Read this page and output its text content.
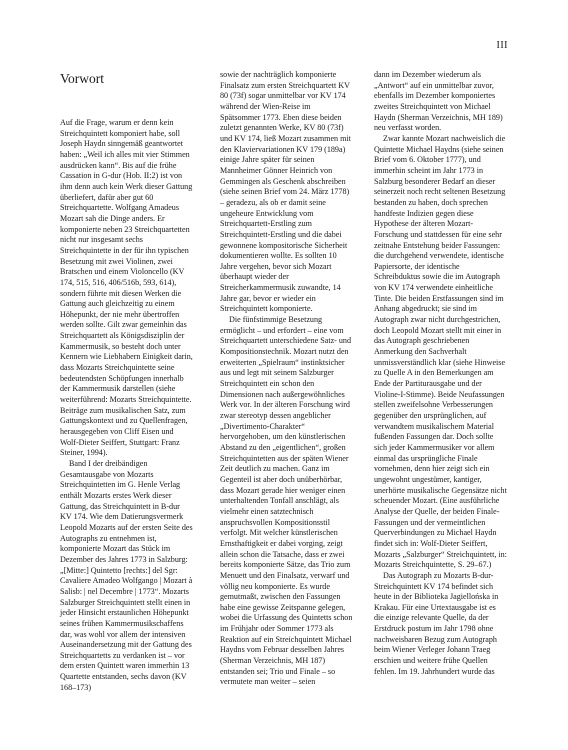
III
Vorwort

Auf die Frage, warum er denn kein Streichquintett komponiert habe, soll Joseph Haydn sinngemäß geantwortet haben: „Weil ich alles mit vier Stimmen ausdrücken kann“. Bis auf die frühe Cassation in G-dur (Hob. II:2) ist von ihm denn auch kein Werk dieser Gattung überliefert, dafür aber gut 60 Streichquartette. Wolfgang Amadeus Mozart sah die Dinge anders. Er komponierte neben 23 Streichquartetten nicht nur insgesamt sechs Streichquintette in der für ihn typischen Besetzung mit zwei Violinen, zwei Bratschen und einem Violoncello (KV 174, 515, 516, 406/516b, 593, 614), sondern führte mit diesen Werken die Gattung auch gleichzeitig zu einem Höhepunkt, der nie mehr übertroffen werden sollte. Gilt zwar gemeinhin das Streichquartett als Königsdisziplin der Kammermusik, so besteht doch unter Kennern wie Liebhabern Einigkeit darin, dass Mozarts Streichquintette seine bedeutendsten Schöpfungen innerhalb der Kammermusik darstellen (siehe weiterführend: Mozarts Streichquintette. Beiträge zum musikalischen Satz, zum Gattungskontext und zu Quellenfragen, herausgegeben von Cliff Eisen und Wolf-Dieter Seiffert, Stuttgart: Franz Steiner, 1994).

Band I der dreibändigen Gesamtausgabe von Mozarts Streichquintetten im G. Henle Verlag enthält Mozarts erstes Werk dieser Gattung, das Streichquintett in B-dur KV 174. Wie dem Datierungsvermerk Leopold Mozarts auf der ersten Seite des Autographs zu entnehmen ist, komponierte Mozart das Stück im Dezember des Jahres 1773 in Salzburg: „[Mitte:] Quintetto [rechts:] del Sgr: Cavaliere Amadeo Wolfgango | Mozart à Salisb: | nel Decembre | 1773“. Mozarts Salzburger Streichquintett stellt einen in jeder Hinsicht erstaunlichen Höhepunkt seines frühen Kammermusikschaffens dar, was wohl vor allem der intensiven Auseinandersetzung mit der Gattung des Streichquartetts zu verdanken ist – vor dem ersten Quintett waren immerhin 13 Quartette entstanden, sechs davon (KV 168–173)

sowie der nachträglich komponierte Finalsatz zum ersten Streichquartett KV 80 (73f) sogar unmittelbar vor KV 174 während der Wien-Reise im Spätsommer 1773. Eben diese beiden zuletzt genannten Werke, KV 80 (73f) und KV 174, ließ Mozart zusammen mit den Klaviervariationen KV 179 (189a) einige Jahre später für seinen Mannheimer Gönner Heinrich von Gemmingen als Geschenk abschreiben (siehe seinen Brief vom 24. März 1778) – geradezu, als ob er damit seine ungeheure Entwicklung vom Streichquartett-Erstling zum Streichquintett-Erstling und die dabei gewonnene kompositorische Sicherheit dokumentieren wollte. Es sollten 10 Jahre vergehen, bevor sich Mozart überhaupt wieder der Streicherkammermusik zuwandte, 14 Jahre gar, bevor er wieder ein Streichquintett komponierte.

Die fünfstimmige Besetzung ermöglicht – und erfordert – eine vom Streichquartett unterschiedene Satz- und Kompositionstechnik. Mozart nutzt den erweiterten „Spielraum“ instinktsicher aus und legt mit seinem Salzburger Streichquintett ein schon den Dimensionen nach außergewöhnliches Werk vor. In der älteren Forschung wird zwar stereotyp dessen angeblicher „Divertimento-Charakter“ hervorgehoben, um den künstlerischen Abstand zu den „eigentlichen“, großen Streichquintetten aus der späten Wiener Zeit deutlich zu machen. Ganz im Gegenteil ist aber doch unüberhörbar, dass Mozart gerade hier weniger einen unterhaltenden Tonfall anschlägt, als vielmehr einen satztechnisch anspruchsvollen Kompositionsstil verfolgt. Mit welcher künstlerischen Ernsthaftigkeit er dabei vorging, zeigt allein schon die Tatsache, dass er zwei bereits komponierte Sätze, das Trio zum Menuett und den Finalsatz, verwarf und völlig neu komponierte. Es wurde gemutmaßt, zwischen den Fassungen habe eine gewisse Zeitspanne gelegen, wobei die Urfassung des Quintetts schon im Frühjahr oder Sommer 1773 als Reaktion auf ein Streichquintett Michael Haydns vom Februar desselben Jahres (Sherman Verzeichnis, MH 187) entstanden sei; Trio und Finale – so vermutete man weiter – seien

dann im Dezember wiederum als „Antwort“ auf ein unmittelbar zuvor, ebenfalls im Dezember komponiertes zweites Streichquintett von Michael Haydn (Sherman Verzeichnis, MH 189) neu verfasst worden.

Zwar kannte Mozart nachweislich die Quintette Michael Haydns (siehe seinen Brief vom 6. Oktober 1777), und immerhin scheint im Jahr 1773 in Salzburg besonderer Bedarf an dieser seinerzeit noch recht seltenen Besetzung bestanden zu haben, doch sprechen handfeste Indizien gegen diese Hypothese der älteren Mozart-Forschung und stattdessen für eine sehr zeitnahe Entstehung beider Fassungen: die durchgehend verwendete, identische Papiersorte, der identische Schreibduktus sowie die im Autograph von KV 174 verwendete einheitliche Tinte. Die beiden Erstfassungen sind im Anhang abgedruckt; sie sind im Autograph zwar nicht durchgestrichen, doch Leopold Mozart stellt mit einer in das Autograph geschriebenen Anmerkung den Sachverhalt unmissverständlich klar (siehe Hinweise zu Quelle A in den Bemerkungen am Ende der Partiturausgabe und der Violine-I-Stimme). Beide Neufassungen stellen zweifelsohne Verbesserungen gegenüber den ursprünglichen, auf verwandtem musikalischem Material fußenden Fassungen dar. Doch sollte sich jeder Kammermusiker vor allem einmal das ursprüngliche Finale vornehmen, denn hier zeigt sich ein ungewohnt ungestümer, kantiger, unerhörte musikalische Gegensätze nicht scheuender Mozart. (Eine ausführliche Analyse der Quelle, der beiden Finale-Fassungen und der vermeintlichen Querverbindungen zu Michael Haydn findet sich in: Wolf-Dieter Seiffert, Mozarts „Salzburger“ Streichquintett, in: Mozarts Streichquintette, S. 29–67.)

Das Autograph zu Mozarts B-dur-Streichquintett KV 174 befindet sich heute in der Biblioteka Jagiellońska in Krakau. Für eine Urtextausgabe ist es die einzige relevante Quelle, da der Erstdruck postum im Jahr 1798 ohne nachweisbaren Bezug zum Autograph beim Wiener Verleger Johann Traeg erschien und weitere frühe Quellen fehlen. Im 19. Jahrhundert wurde das
